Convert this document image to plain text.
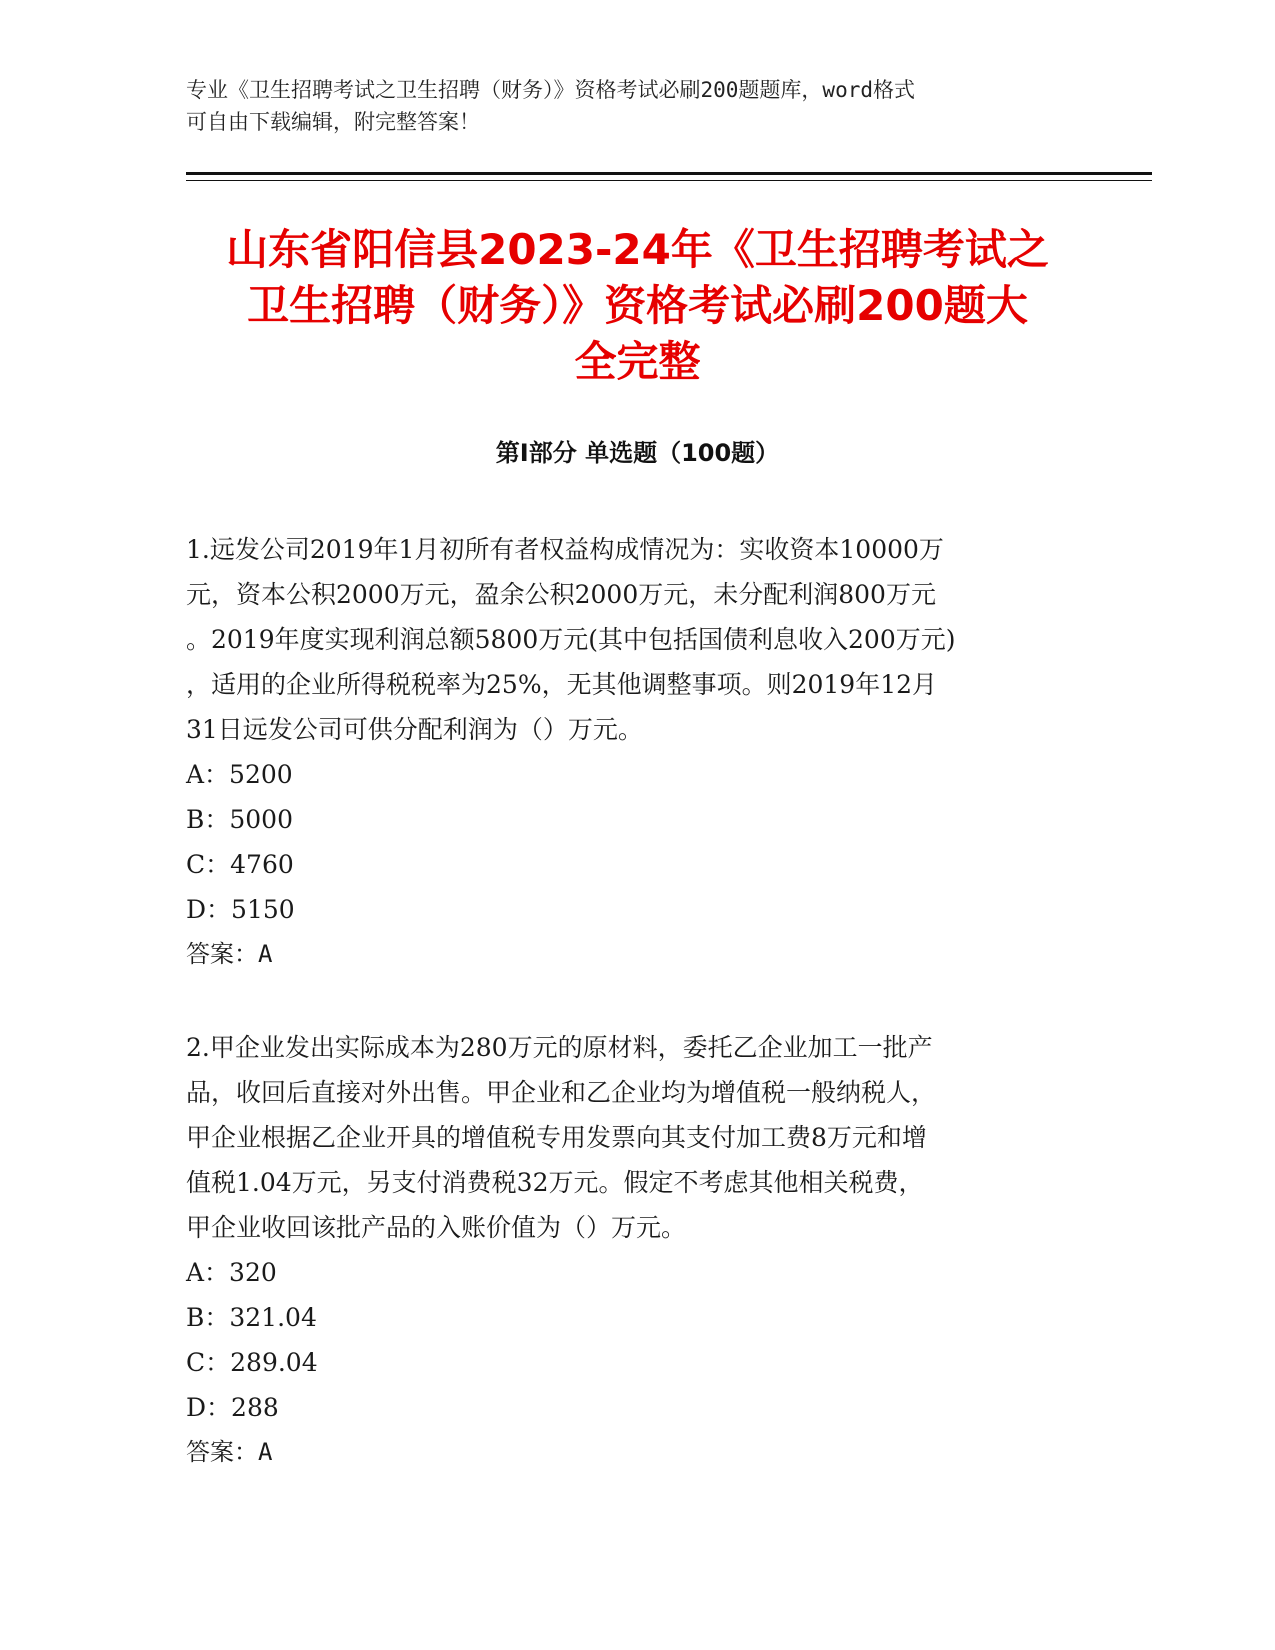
专业《卫生招聘考试之卫生招聘（财务）》资格考试必刷200题题库，word格式
可自由下载编辑，附完整答案！
山东省阳信县2023-24年《卫生招聘考试之
卫生招聘（财务）》资格考试必刷200题大
全完整
第I部分 单选题（100题）
1.远发公司2019年1月初所有者权益构成情况为：实收资本10000万
元，资本公积2000万元，盈余公积2000万元，未分配利润800万元
。2019年度实现利润总额5800万元(其中包括国债利息收入200万元)
，适用的企业所得税税率为25%，无其他调整事项。则2019年12月
31日远发公司可供分配利润为（）万元。
A：5200
B：5000
C：4760
D：5150
答案：A
2.甲企业发出实际成本为280万元的原材料，委托乙企业加工一批产
品，收回后直接对外出售。甲企业和乙企业均为增值税一般纳税人，
甲企业根据乙企业开具的增值税专用发票向其支付加工费8万元和增
值税1.04万元，另支付消费税32万元。假定不考虑其他相关税费，
甲企业收回该批产品的入账价值为（）万元。
A：320
B：321.04
C：289.04
D：288
答案：A
